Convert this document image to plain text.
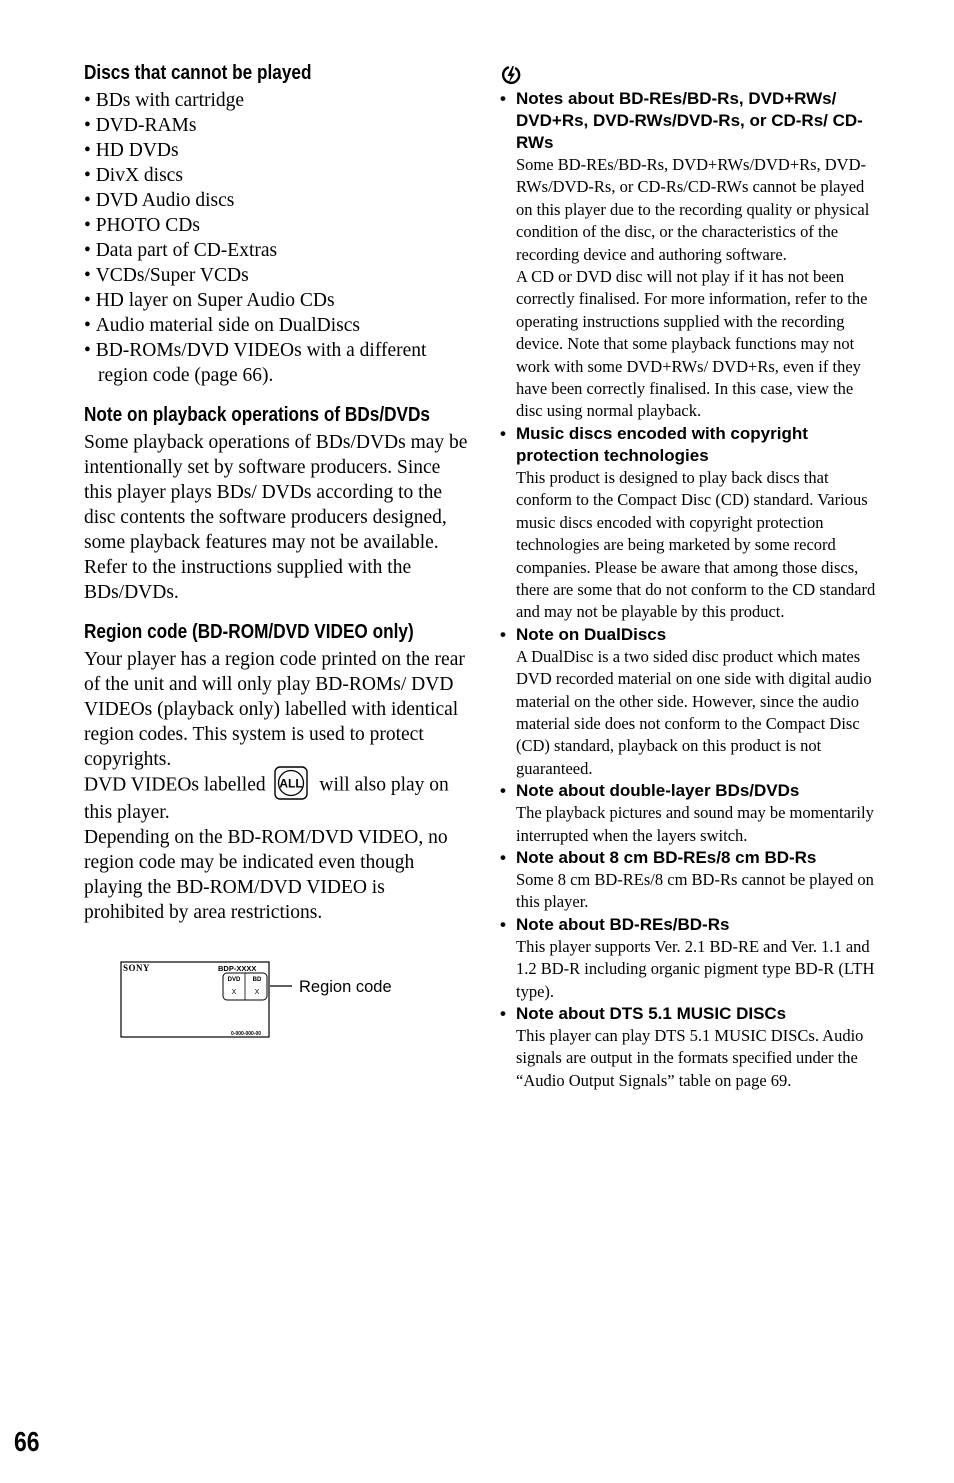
Discs that cannot be played
• BDs with cartridge
• DVD-RAMs
• HD DVDs
• DivX discs
• DVD Audio discs
• PHOTO CDs
• Data part of CD-Extras
• VCDs/Super VCDs
• HD layer on Super Audio CDs
• Audio material side on DualDiscs
• BD-ROMs/DVD VIDEOs with a different region code (page 66).
Note on playback operations of BDs/DVDs

Some playback operations of BDs/DVDs may be intentionally set by software producers. Since this player plays BDs/ DVDs according to the disc contents the software producers designed, some playback features may not be available. Refer to the instructions supplied with the BDs/DVDs.

Region code (BD-ROM/DVD VIDEO only)

Your player has a region code printed on the rear of the unit and will only play BD-ROMs/ DVD VIDEOs (playback only) labelled with identical region codes. This system is used to protect copyrights.

DVD VIDEOs labelled ALL will also play on this player.

Depending on the BD-ROM/DVD VIDEO, no region code may be indicated even though playing the BD-ROM/DVD VIDEO is prohibited by area restrictions.

SONY	BDP-XXXX
DVD BD
X	X
0-000-000-00
Region code
• Notes about BD-REs/BD-Rs, DVD+RWs/ DVD+Rs, DVD-RWs/DVD-Rs, or CD-Rs/ CD-RWs
Some BD-REs/BD-Rs, DVD+RWs/DVD+Rs, DVD-RWs/DVD-Rs, or CD-Rs/CD-RWs cannot be played on this player due to the recording quality or physical condition of the disc, or the characteristics of the recording device and authoring software.
A CD or DVD disc will not play if it has not been correctly finalised. For more information, refer to the operating instructions supplied with the recording device. Note that some playback functions may not work with some DVD+RWs/ DVD+Rs, even if they have been correctly finalised. In this case, view the disc using normal playback.
• Music discs encoded with copyright protection technologies
This product is designed to play back discs that conform to the Compact Disc (CD) standard. Various music discs encoded with copyright protection technologies are being marketed by some record companies. Please be aware that among those discs, there are some that do not conform to the CD standard and may not be playable by this product.
• Note on DualDiscs
A DualDisc is a two sided disc product which mates DVD recorded material on one side with digital audio material on the other side. However, since the audio material side does not conform to the Compact Disc (CD) standard, playback on this product is not guaranteed.
• Note about double-layer BDs/DVDs
The playback pictures and sound may be momentarily interrupted when the layers switch.
• Note about 8 cm BD-REs/8 cm BD-Rs
Some 8 cm BD-REs/8 cm BD-Rs cannot be played on this player.
• Note about BD-REs/BD-Rs
This player supports Ver. 2.1 BD-RE and Ver. 1.1 and 1.2 BD-R including organic pigment type BD-R (LTH type).
• Note about DTS 5.1 MUSIC DISCs
This player can play DTS 5.1 MUSIC DISCs. Audio signals are output in the formats specified under the “Audio Output Signals” table on page 69.
66
